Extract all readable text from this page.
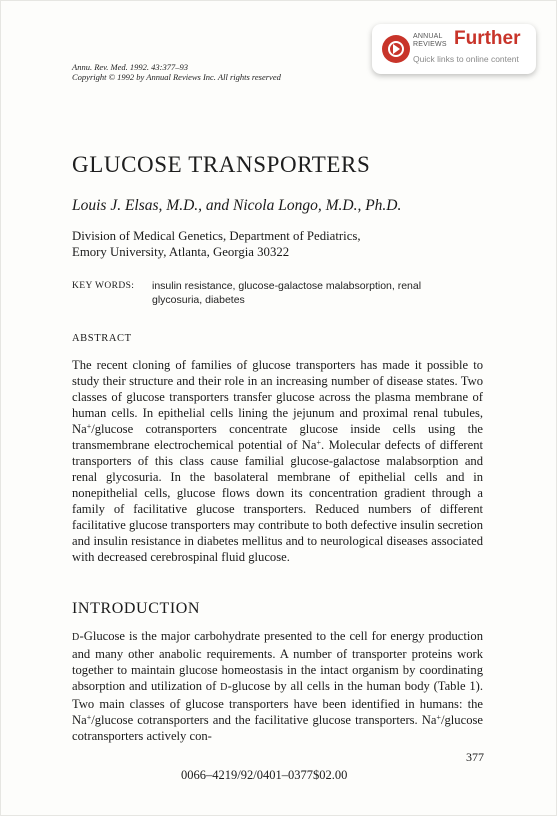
ANNUAL REVIEWS Further
Quick links to online content
Annu. Rev. Med. 1992. 43:377–93
Copyright © 1992 by Annual Reviews Inc. All rights reserved
GLUCOSE TRANSPORTERS
Louis J. Elsas, M.D., and Nicola Longo, M.D., Ph.D.
Division of Medical Genetics, Department of Pediatrics,
Emory University, Atlanta, Georgia 30322
KEY WORDS: insulin resistance, glucose-galactose malabsorption, renal glycosuria, diabetes
ABSTRACT
The recent cloning of families of glucose transporters has made it possible to study their structure and their role in an increasing number of disease states. Two classes of glucose transporters transfer glucose across the plasma membrane of human cells. In epithelial cells lining the jejunum and proximal renal tubules, Na+/glucose cotransporters concentrate glucose inside cells using the transmembrane electrochemical potential of Na+. Molecular defects of different transporters of this class cause familial glucose-galactose malabsorption and renal glycosuria. In the basolateral membrane of epithelial cells and in nonepithelial cells, glucose flows down its concentration gradient through a family of facilitative glucose transporters. Reduced numbers of different facilitative glucose transporters may contribute to both defective insulin secretion and insulin resistance in diabetes mellitus and to neurological diseases associated with decreased cerebrospinal fluid glucose.
INTRODUCTION
D-Glucose is the major carbohydrate presented to the cell for energy production and many other anabolic requirements. A number of transporter proteins work together to maintain glucose homeostasis in the intact organism by coordinating absorption and utilization of D-glucose by all cells in the human body (Table 1). Two main classes of glucose transporters have been identified in humans: the Na+/glucose cotransporters and the facilitative glucose transporters. Na+/glucose cotransporters actively con-
377
0066–4219/92/0401–0377$02.00
